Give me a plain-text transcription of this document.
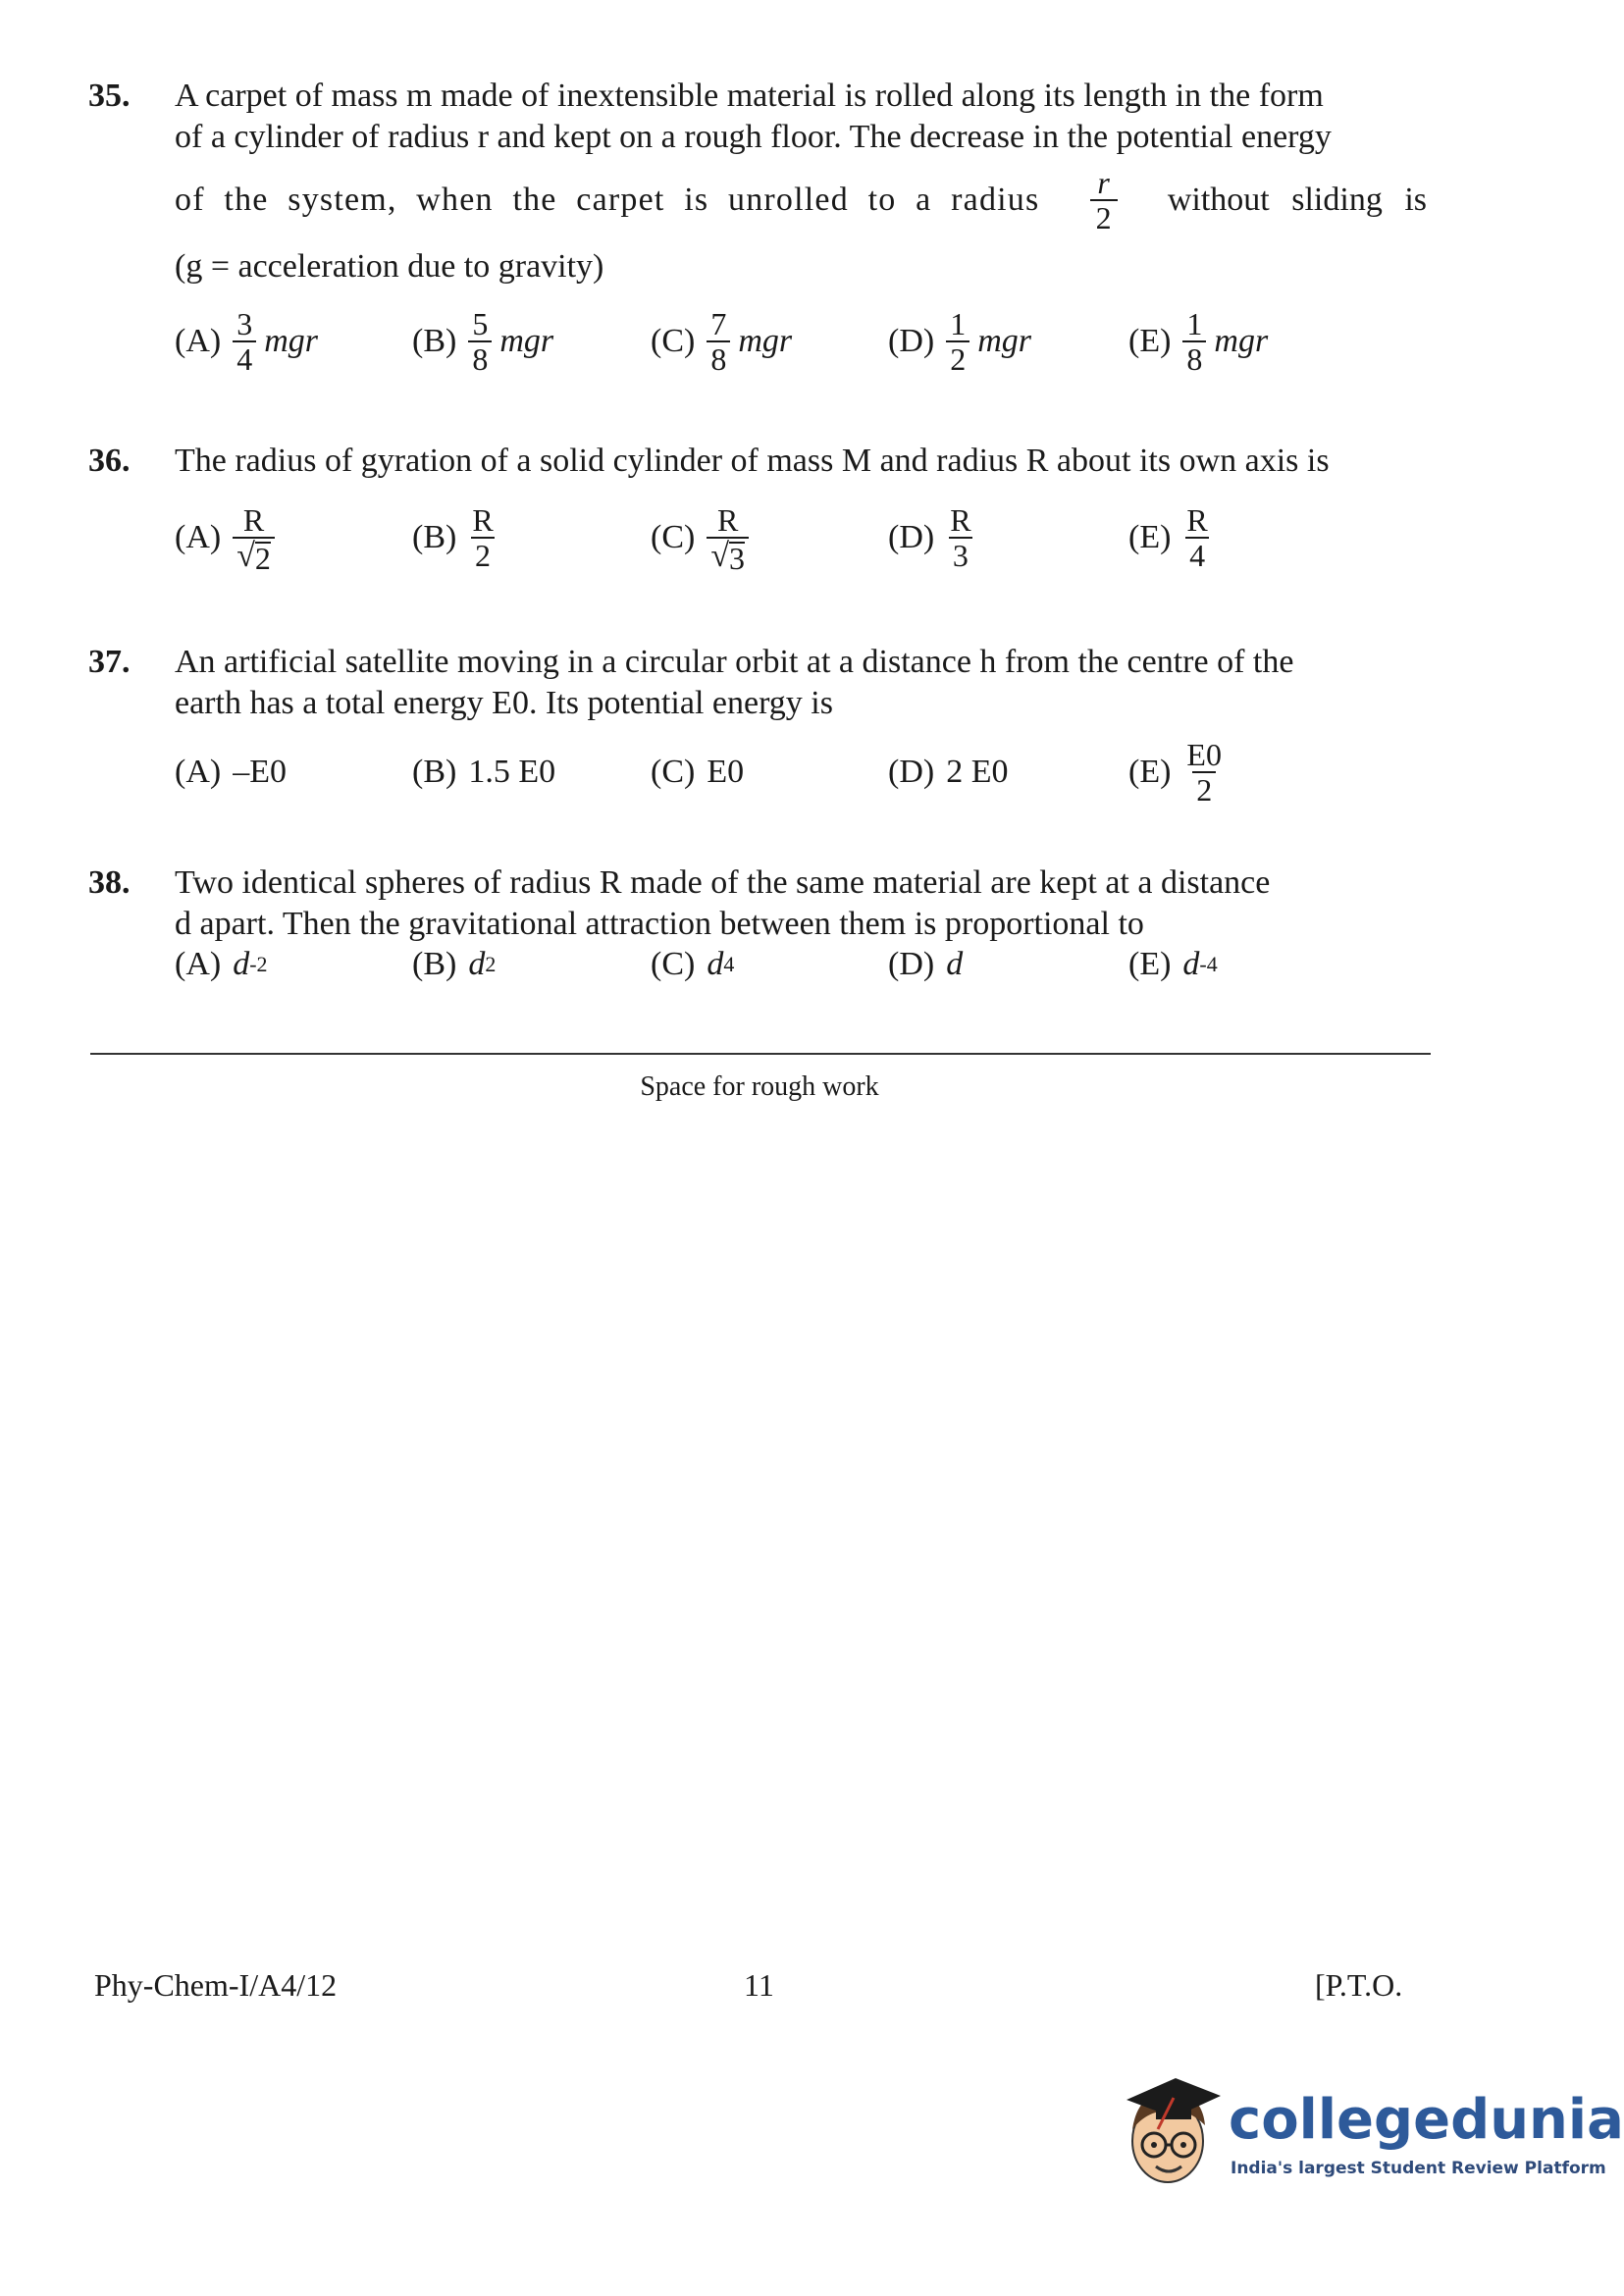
35. A carpet of mass m made of inextensible material is rolled along its length in the form
of a cylinder of radius r and kept on a rough floor. The decrease in the potential energy
of the system, when the carpet is unrolled to a radius $\frac{r}{2}$ without sliding is
(g = acceleration due to gravity)
$(A) \frac{3}{4}$ mgr	$(B) \frac{5}{8}$ mgr	$(C) \frac{7}{8}$ mgr	$(D) \frac{1}{2}$ mgr	$(E) \frac{1}{8}$ mgr
36. The radius of gyration of a solid cylinder of mass M and radius R about its own axis is
$(A) \frac{R}{√ 2}$	$(B) \frac{R}{2}$	$(C) \frac{R}{√ 3}$	$(D) \frac{R}{3}$	$(E) \frac{R}{4}$
37. An artificial satellite moving in a circular orbit at a distance h from the centre of the
earth has a total energy E0. Its potential energy is
(A) –E0	(B) 1.5 E0	(C) E0	(D) 2 E0	$(E) \frac{E0}{2}$
38. Two identical spheres of radius R made of the same material are kept at a distance
d apart. Then the gravitational attraction between them is proportional to
(A) d -2	(B) d 2	(C) d 4	(D) d	(E) d -4
Space for rough work
Phy-Chem-I/A4/12	11	[P.T.O.
collegedunia
India's largest Student Review Platform
